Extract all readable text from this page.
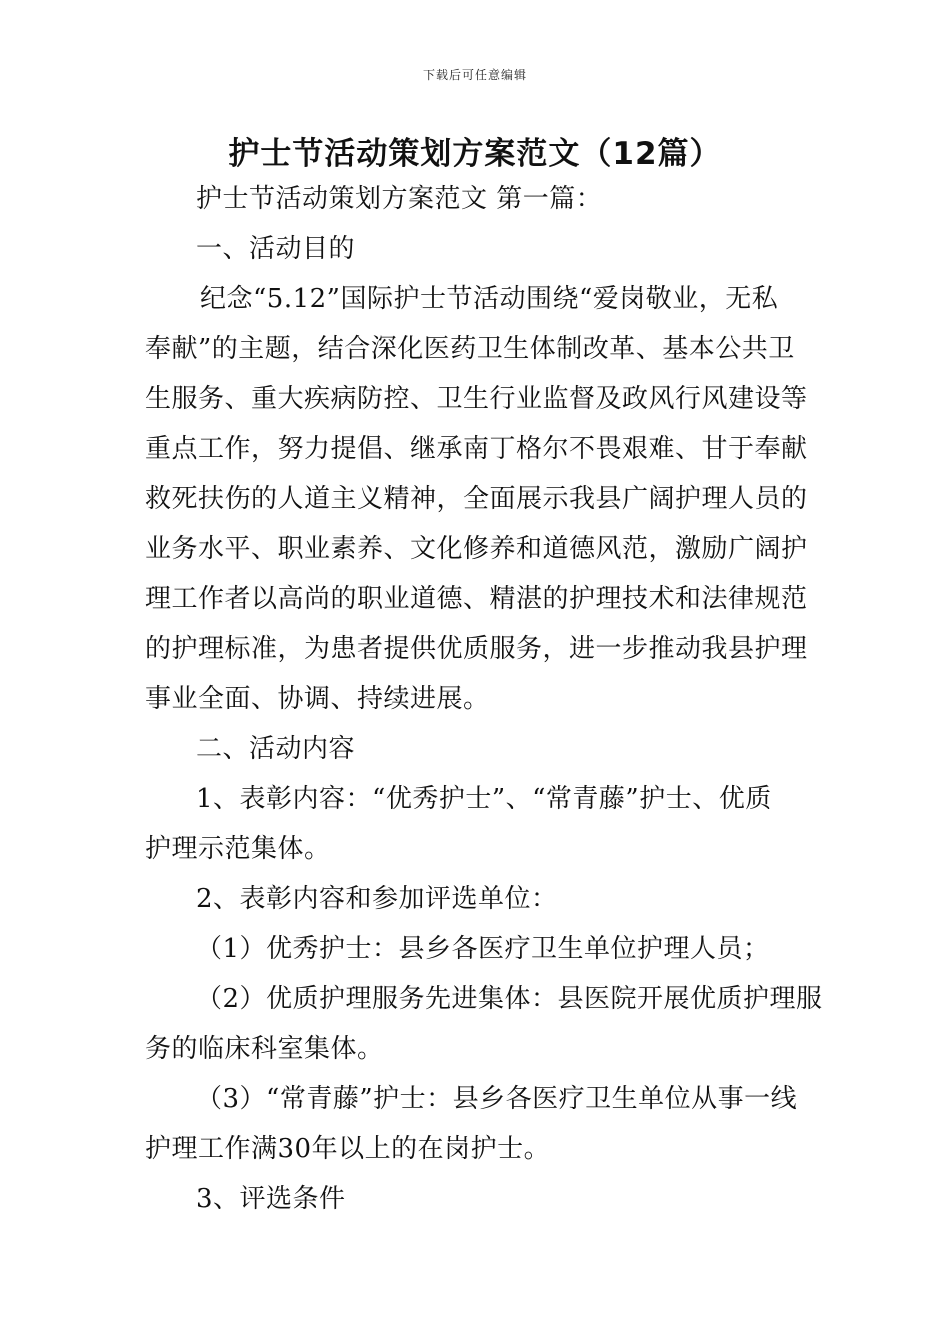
下载后可任意编辑
护士节活动策划方案范文（12篇）
护士节活动策划方案范文 第一篇：
一、活动目的
纪念“5.12”国际护士节活动围绕“爱岗敬业，无私
奉献”的主题，结合深化医药卫生体制改革、基本公共卫
生服务、重大疾病防控、卫生行业监督及政风行风建设等
重点工作，努力提倡、继承南丁格尔不畏艰难、甘于奉献
救死扶伤的人道主义精神，全面展示我县广阔护理人员的
业务水平、职业素养、文化修养和道德风范，激励广阔护
理工作者以高尚的职业道德、精湛的护理技术和法律规范
的护理标准，为患者提供优质服务，进一步推动我县护理
事业全面、协调、持续进展。
二、活动内容
1、表彰内容：“优秀护士”、“常青藤”护士、优质
护理示范集体。
2、表彰内容和参加评选单位：
（1）优秀护士：县乡各医疗卫生单位护理人员；
（2）优质护理服务先进集体：县医院开展优质护理服
务的临床科室集体。
（3）“常青藤”护士：县乡各医疗卫生单位从事一线
护理工作满30年以上的在岗护士。
3、评选条件
